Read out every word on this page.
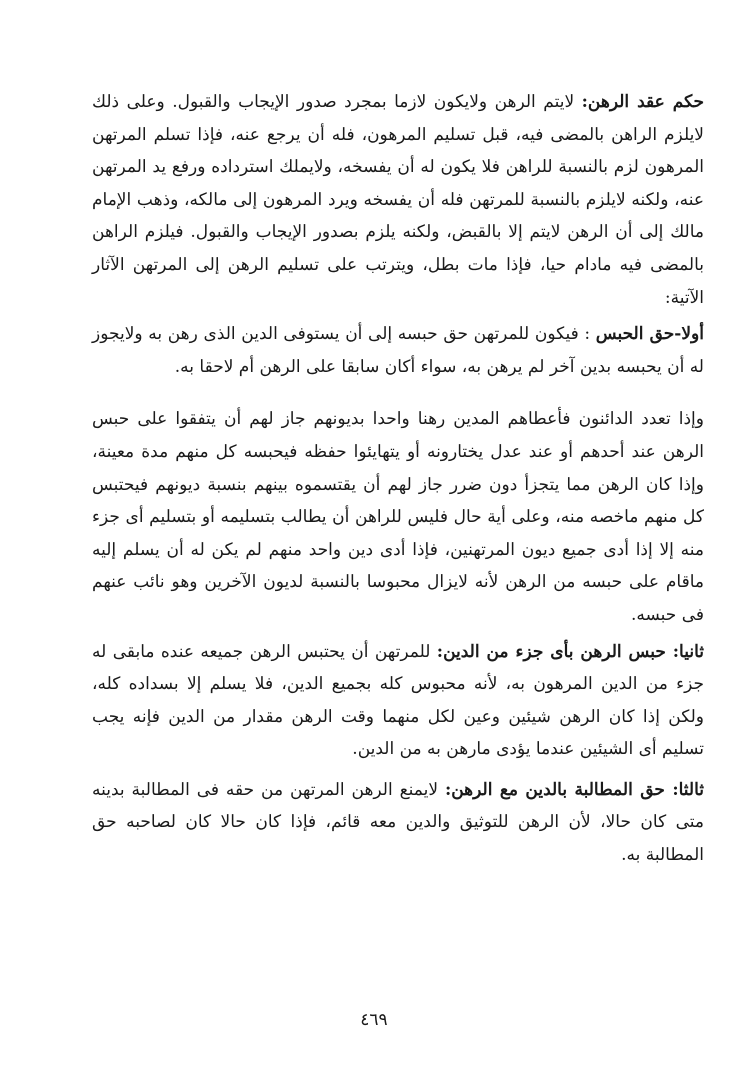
حكم عقد الرهن: لايتم الرهن ولايكون لازما بمجرد صدور الإيجاب والقبول. وعلى ذلك لايلزم الراهن بالمضى فيه، قبل تسليم المرهون، فله أن يرجع عنه، فإذا تسلم المرتهن المرهون لزم بالنسبة للراهن فلا يكون له أن يفسخه، ولايملك استرداده ورفع يد المرتهن عنه، ولكنه لايلزم بالنسبة للمرتهن فله أن يفسخه ويرد المرهون إلى مالكه، وذهب الإمام مالك إلى أن الرهن لايتم إلا بالقبض، ولكنه يلزم بصدور الإيجاب والقبول. فيلزم الراهن بالمضى فيه مادام حيا، فإذا مات بطل، ويترتب على تسليم الرهن إلى المرتهن الآثار الآتية:

أولا-حق الحبس : فيكون للمرتهن حق حبسه إلى أن يستوفى الدين الذى رهن به ولايجوز له أن يحبسه بدين آخر لم يرهن به، سواء أكان سابقا على الرهن أم لاحقا به.

وإذا تعدد الدائنون فأعطاهم المدين رهنا واحدا بديونهم جاز لهم أن يتفقوا على حبس الرهن عند أحدهم أو عند عدل يختارونه أو يتهايئوا حفظه فيحبسه كل منهم مدة معينة، وإذا كان الرهن مما يتجزأ دون ضرر جاز لهم أن يقتسموه بينهم بنسبة ديونهم فيحتبس كل منهم ماخصه منه، وعلى أية حال فليس للراهن أن يطالب بتسليمه أو بتسليم أى جزء منه إلا إذا أدى جميع ديون المرتهنين، فإذا أدى دين واحد منهم لم يكن له أن يسلم إليه ماقام على حبسه من الرهن لأنه لايزال محبوسا بالنسبة لديون الآخرين وهو نائب عنهم فى حبسه.

ثانيا: حبس الرهن بأى جزء من الدين: للمرتهن أن يحتبس الرهن جميعه عنده مابقى له جزء من الدين المرهون به، لأنه محبوس كله بجميع الدين، فلا يسلم إلا بسداده كله، ولكن إذا كان الرهن شيئين وعين لكل منهما وقت الرهن مقدار من الدين فإنه يجب تسليم أى الشيئين عندما يؤدى مارهن به من الدين.

ثالثا: حق المطالبة بالدين مع الرهن: لايمنع الرهن المرتهن من حقه فى المطالبة بدينه متى كان حالا، لأن الرهن للتوثيق والدين معه قائم، فإذا كان حالا كان لصاحبه حق المطالبة به.

٤٦٩
